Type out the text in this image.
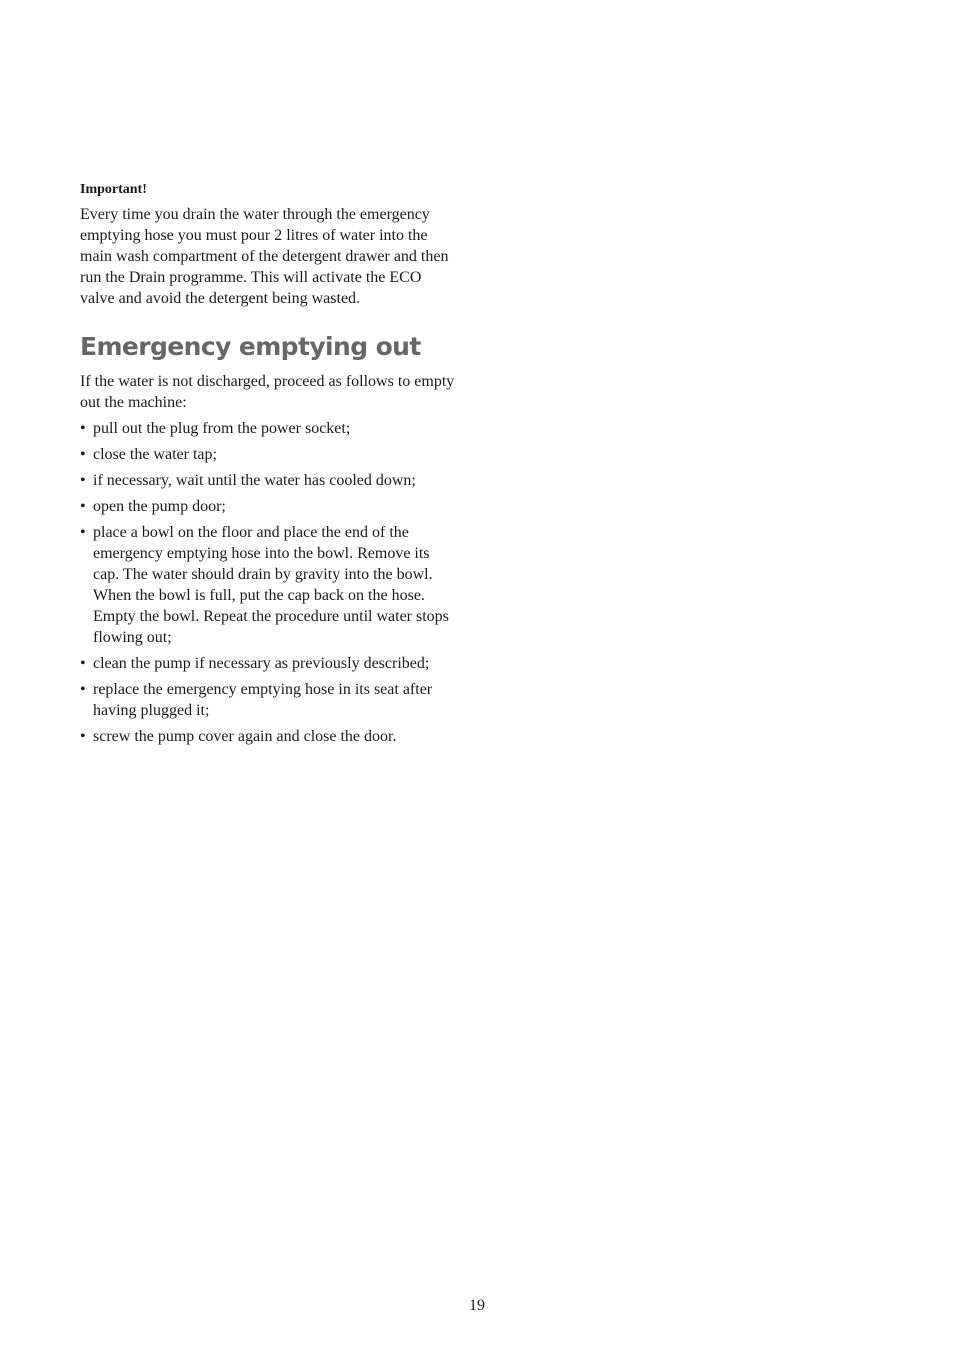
Important!

Every time you drain the water through the emergency emptying hose you must pour 2 litres of water into the main wash compartment of the detergent drawer and then run the Drain programme. This will activate the ECO valve and avoid the detergent being wasted.

Emergency emptying out

If the water is not discharged, proceed as follows to empty out the machine:

• pull out the plug from the power socket;
• close the water tap;
• if necessary, wait until the water has cooled down;
• open the pump door;
• place a bowl on the floor and place the end of the emergency emptying hose into the bowl. Remove its cap. The water should drain by gravity into the bowl. When the bowl is full, put the cap back on the hose. Empty the bowl. Repeat the procedure until water stops flowing out;
• clean the pump if necessary as previously described;
• replace the emergency emptying hose in its seat after having plugged it;
• screw the pump cover again and close the door.
19
